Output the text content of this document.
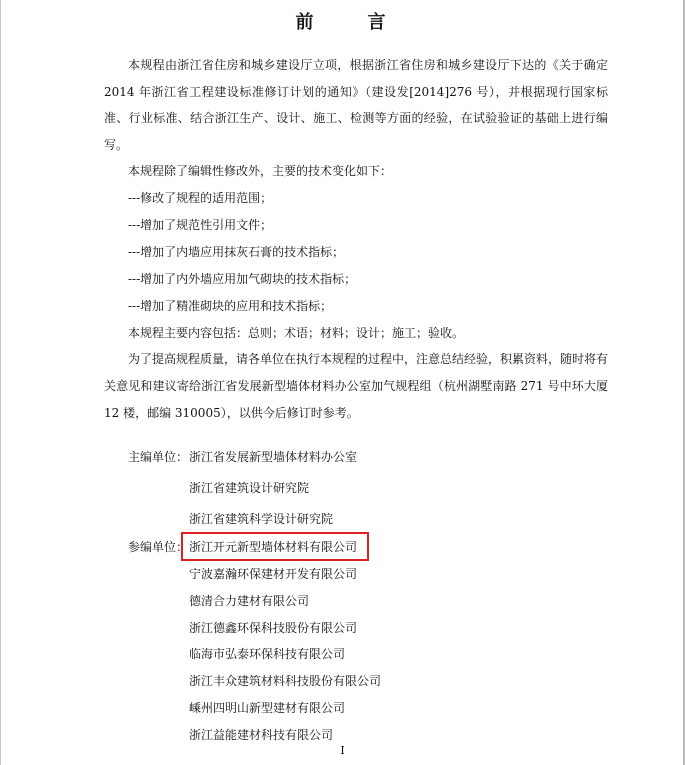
前　言

本规程由浙江省住房和城乡建设厅立项，根据浙江省住房和城乡建设厅下达的《关于确定 2014 年浙江省工程建设标准修订计划的通知》（建设发[2014]276 号），并根据现行国家标准、行业标准、结合浙江生产、设计、施工、检测等方面的经验，在试验验证的基础上进行编写。

本规程除了编辑性修改外，主要的技术变化如下：

---修改了规程的适用范围；

---增加了规范性引用文件；

---增加了内墙应用抹灰石膏的技术指标；

---增加了内外墙应用加气砌块的技术指标；

---增加了精准砌块的应用和技术指标；

本规程主要内容包括：总则；术语；材料；设计；施工；验收。

为了提高规程质量，请各单位在执行本规程的过程中，注意总结经验，积累资料，随时将有关意见和建议寄给浙江省发展新型墙体材料办公室加气规程组（杭州湖墅南路 271 号中环大厦 12 楼，邮编 310005），以供今后修订时参考。

主编单位： 浙江省发展新型墙体材料办公室
浙江省建筑设计研究院
浙江省建筑科学设计研究院
参编单位： 浙江开元新型墙体材料有限公司
宁波嘉瀚环保建材开发有限公司
德清合力建材有限公司
浙江德鑫环保科技股份有限公司
临海市弘泰环保科技有限公司
浙江丰众建筑材料科技股份有限公司
嵊州四明山新型建材有限公司
浙江益能建材科技有限公司
I
